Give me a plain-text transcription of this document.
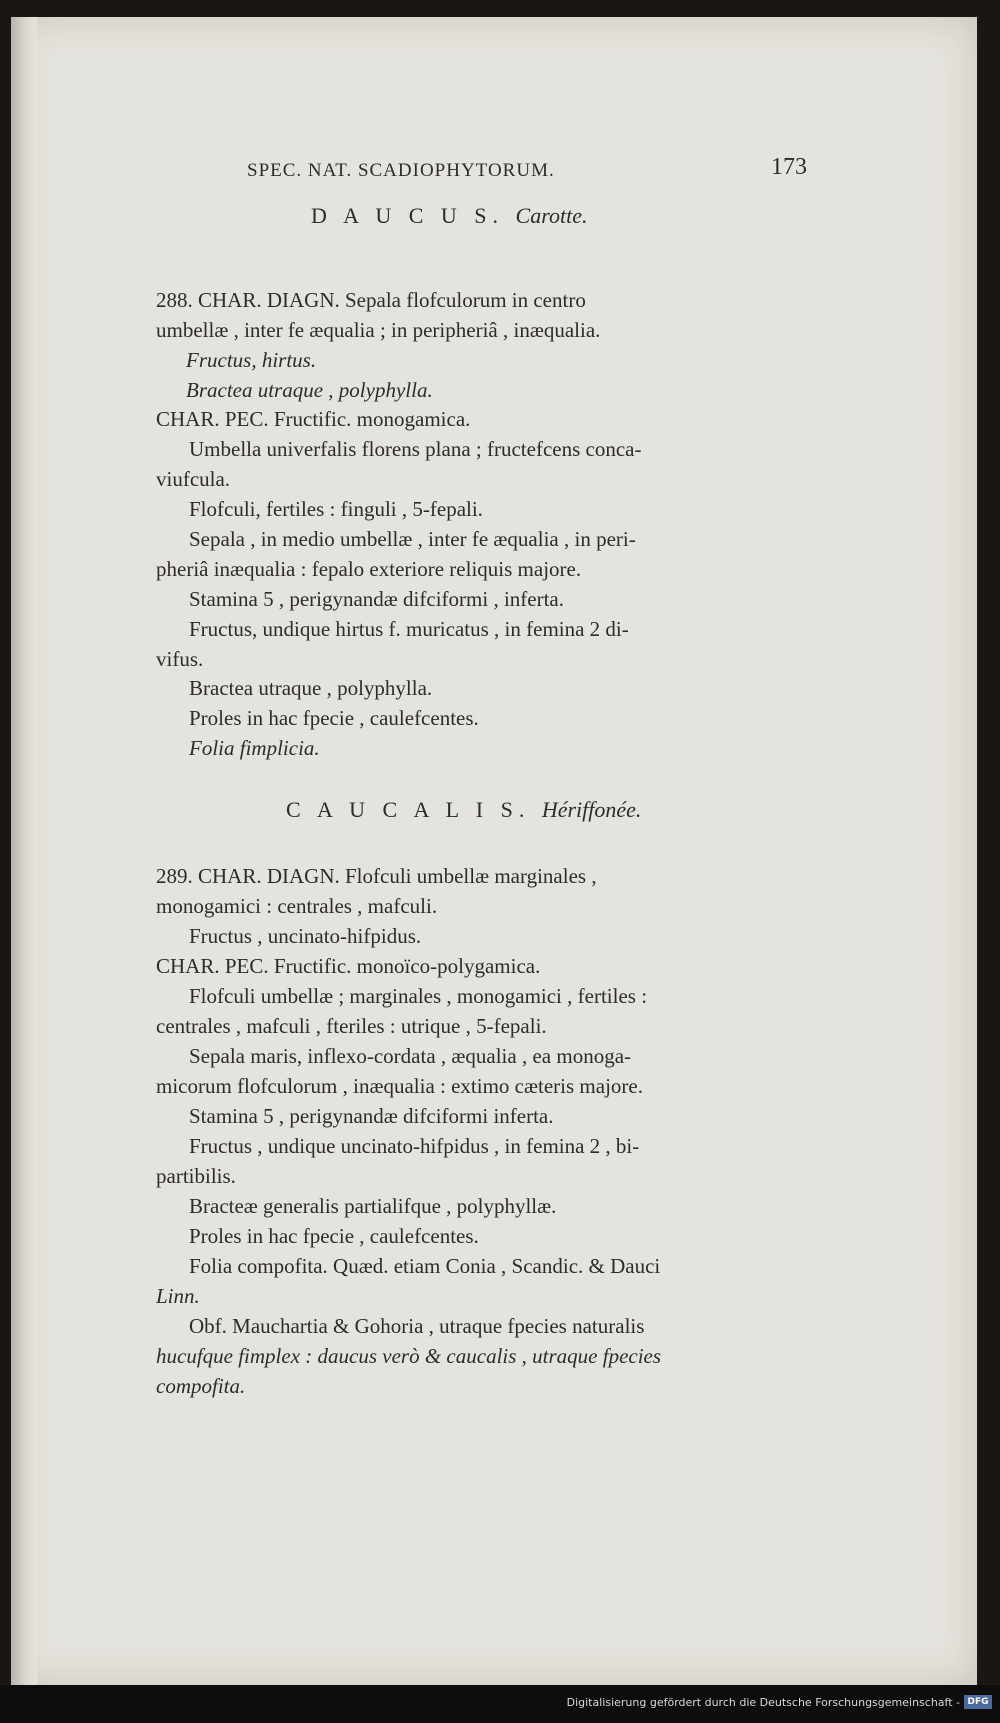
SPEC. NAT. SCADIOPHYTORUM.	173
D A U C U S. Carotte.
288. CHAR. DIAGN. Sepala flofculorum in centro
umbellæ , inter fe æqualia ; in peripheriâ , inæqualia.
Fructus, hirtus.
Bractea utraque , polyphylla.
CHAR. PEC. Fructific. monogamica.
Umbella univerfalis florens plana ; fructefcens conca-
viufcula.
Flofculi, fertiles : finguli , 5-fepali.
Sepala , in medio umbellæ , inter fe æqualia , in peri-
pheriâ inæqualia : fepalo exteriore reliquis majore.
Stamina 5 , perigynandæ difciformi , inferta.
Fructus, undique hirtus f. muricatus , in femina 2 di-
vifus.
Bractea utraque , polyphylla.
Proles in hac fpecie , caulefcentes.
Folia fimplicia.
C A U C A L I S. Hériffonée.
289. CHAR. DIAGN. Flofculi umbellæ marginales ,
monogamici : centrales , mafculi.
Fructus , uncinato-hifpidus.
CHAR. PEC. Fructific. monoïco-polygamica.
Flofculi umbellæ ; marginales , monogamici , fertiles :
centrales , mafculi , fteriles : utrique , 5-fepali.
Sepala maris, inflexo-cordata , æqualia , ea monoga-
micorum flofculorum , inæqualia : extimo cæteris majore.
Stamina 5 , perigynandæ difciformi inferta.
Fructus , undique uncinato-hifpidus , in femina 2 , bi-
partibilis.
Bracteæ generalis partialifque , polyphyllæ.
Proles in hac fpecie , caulefcentes.
Folia compofita. Quæd. etiam Conia , Scandic. & Dauci
Linn.
Obf. Mauchartia & Gohoria , utraque fpecies naturalis
hucufque fimplex : daucus verò & caucalis , utraque fpecies
compofita.
Digitalisierung gefördert durch die Deutsche Forschungsgemeinschaft - DFG
